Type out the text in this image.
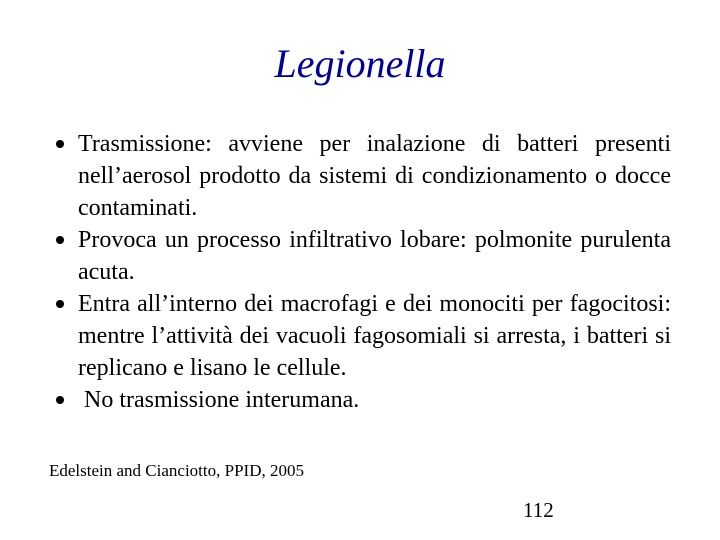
Legionella
Trasmissione: avviene per inalazione di batteri presenti nell’aerosol prodotto da sistemi di condizionamento o docce contaminati.
Provoca un processo infiltrativo lobare: polmonite purulenta acuta.
Entra all’interno dei macrofagi e dei monociti per fagocitosi: mentre l’attività dei vacuoli fagosomiali si arresta, i batteri si replicano e lisano le cellule.
No trasmissione interumana.
Edelstein and Cianciotto, PPID, 2005
112
